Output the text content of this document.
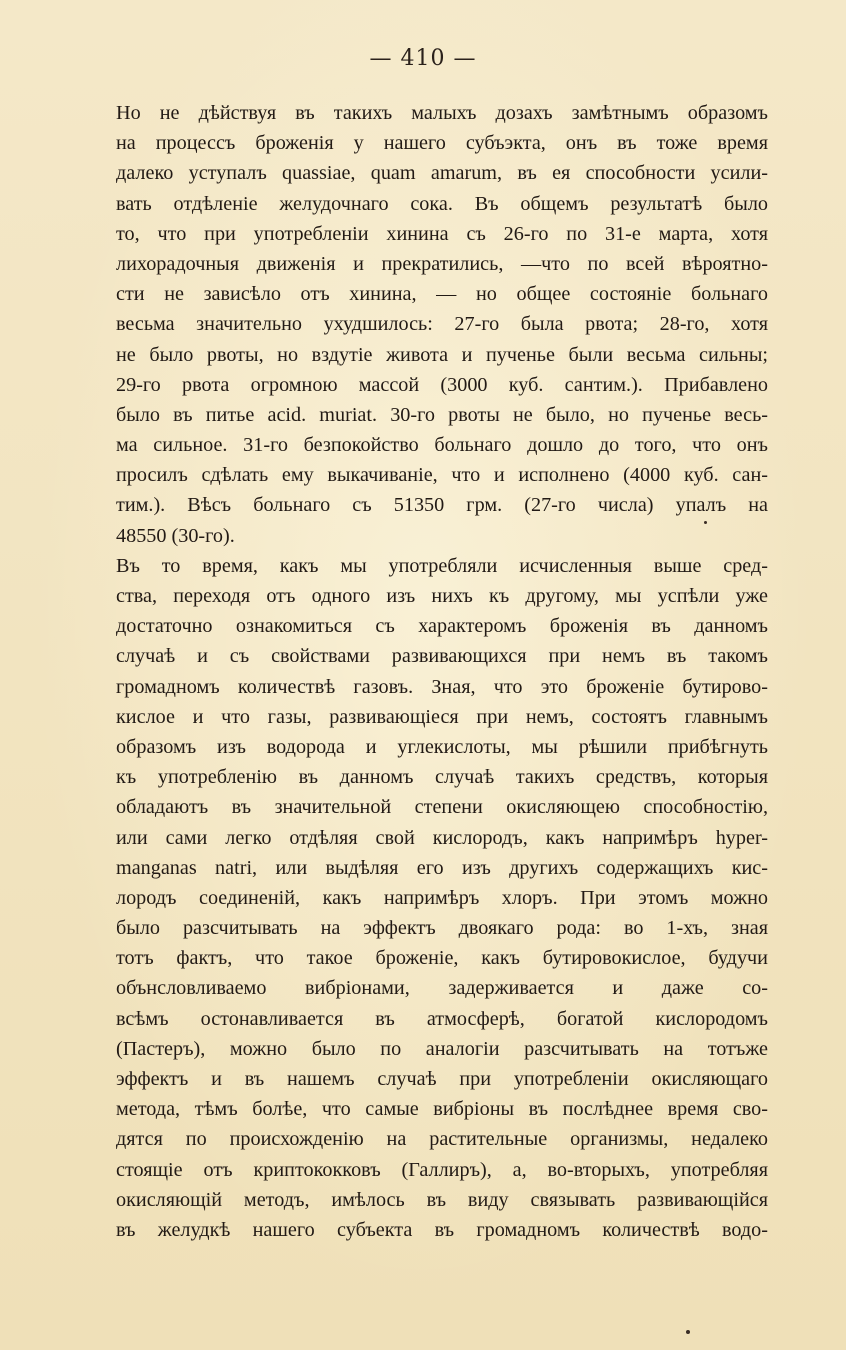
— 410 —

Но не дѣйствуя въ такихъ малыхъ дозахъ замѣтнымъ образомъ
на процессъ броженія у нашего субъэкта, онъ въ тоже время
далеко уступалъ quassiae, quam amarum, въ ея способности усили-
вать отдѣленіе желудочнаго сока. Въ общемъ результатѣ было
то, что при употребленіи хинина съ 26-го по 31-е марта, хотя
лихорадочныя движенія и прекратились, —что по всей вѣроятно-
сти не зависѣло отъ хинина, — но общее состояніе больнаго
весьма значительно ухудшилось: 27-го была рвота; 28-го, хотя
не было рвоты, но вздутіе живота и пученье были весьма сильны;
29-го рвота огромною массой (3000 куб. сантим.). Прибавлено
было въ питье acid. muriat. 30-го рвоты не было, но пученье весь-
ма сильное. 31-го безпокойство больнаго дошло до того, что онъ
просилъ сдѣлать ему выкачиваніе, что и исполнено (4000 куб. сан-
тим.). Вѣсъ больнаго съ 51350 грм. (27-го числа) упалъ на
48550 (30-го).

Въ то время, какъ мы употребляли исчисленныя выше сред-
ства, переходя отъ одного изъ нихъ къ другому, мы успѣли уже
достаточно ознакомиться съ характеромъ броженія въ данномъ
случаѣ и съ свойствами развивающихся при немъ въ такомъ
громадномъ количествѣ газовъ. Зная, что это броженіе бутирово-
кислое и что газы, развивающіеся при немъ, состоятъ главнымъ
образомъ изъ водорода и углекислоты, мы рѣшили прибѣгнуть
къ употребленію въ данномъ случаѣ такихъ средствъ, которыя
обладаютъ въ значительной степени окисляющею способностію,
или сами легко отдѣляя свой кислородъ, какъ напримѣръ hyper-
manganas natri, или выдѣляя его изъ другихъ содержащихъ кис-
лородъ соединеній, какъ напримѣръ хлоръ. При этомъ можно
было разсчитывать на эффектъ двоякаго рода: во 1-хъ, зная
тотъ фактъ, что такое броженіе, какъ бутировокислое, будучи
обънсловливаемо вибріонами, задерживается и даже со-
всѣмъ остонавливается въ атмосферѣ, богатой кислородомъ
(Пастеръ), можно было по аналогіи разсчитывать на тотъже
эффектъ и въ нашемъ случаѣ при употребленіи окисляющаго
метода, тѣмъ болѣе, что самые вибріоны въ послѣднее время сво-
дятся по происхожденію на растительные организмы, недалеко
стоящіе отъ криптококковъ (Галлиръ), а, во-вторыхъ, употребляя
окисляющій методъ, имѣлось въ виду связывать развивающійся
въ желудкѣ нашего субъекта въ громадномъ количествѣ водо-
